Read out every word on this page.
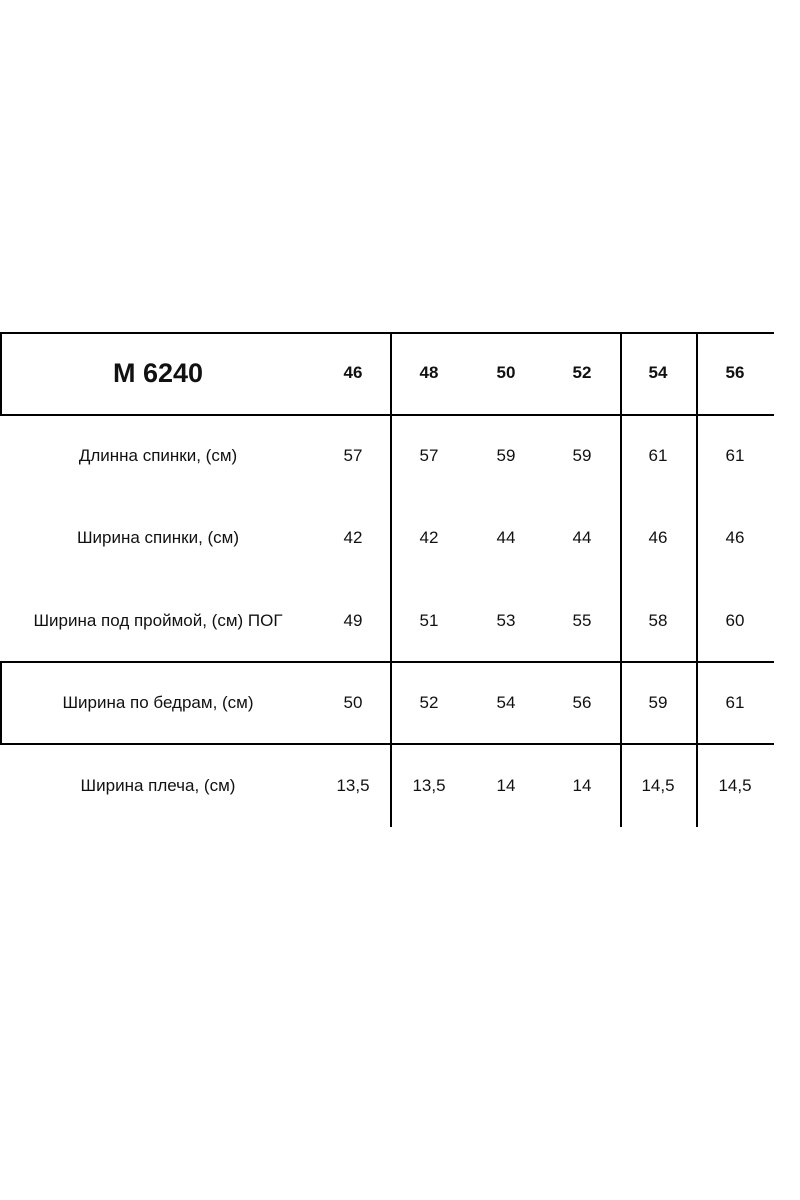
M 6240	46	48	50	52	54	56
Длинна спинки, (см)	57	57	59	59	61	61
Ширина спинки, (см)	42	42	44	44	46	46
Ширина под проймой, (см) ПОГ	49	51	53	55	58	60
Ширина по бедрам, (см)	50	52	54	56	59	61
Ширина плеча, (см)	13,5	13,5	14	14	14,5	14,5
